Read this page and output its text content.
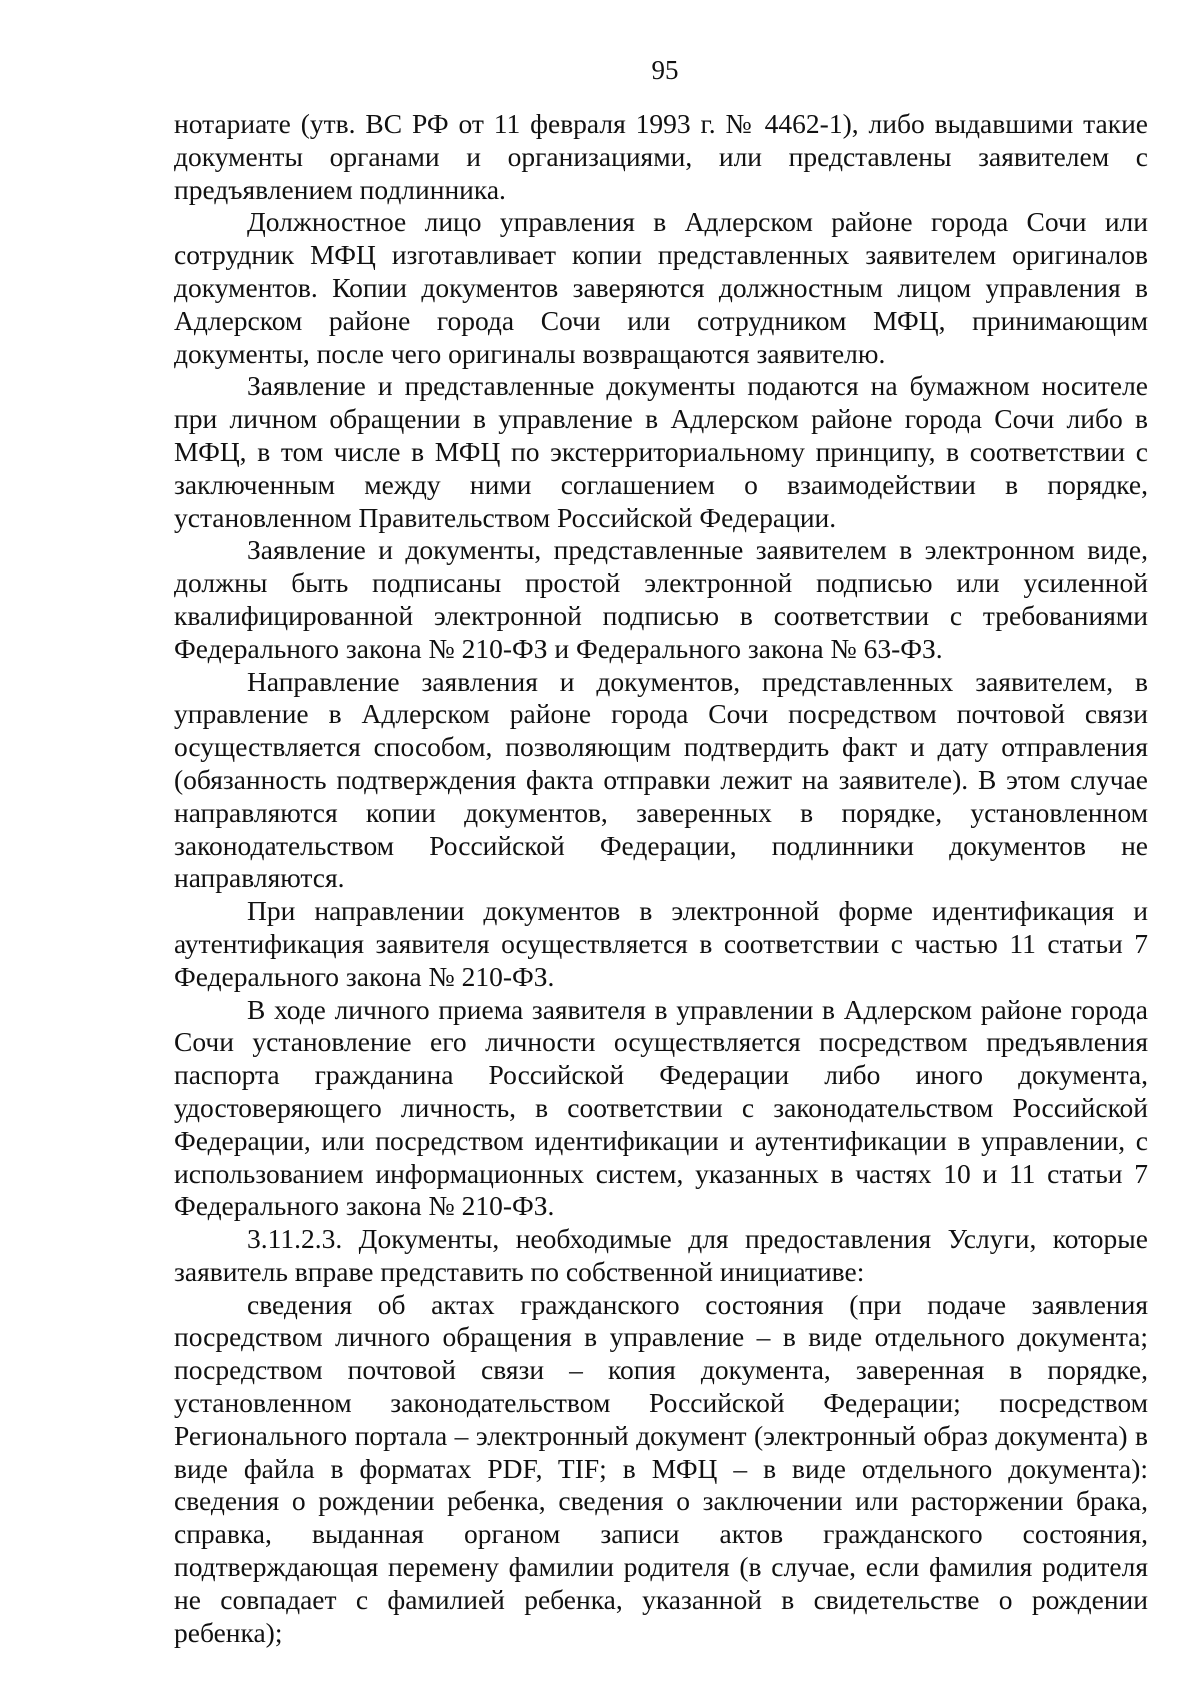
95

нотариате (утв. ВС РФ от 11 февраля 1993 г. № 4462-1), либо выдавшими такие документы органами и организациями, или представлены заявителем с предъявлением подлинника.

Должностное лицо управления в Адлерском районе города Сочи или сотрудник МФЦ изготавливает копии представленных заявителем оригиналов документов. Копии документов заверяются должностным лицом управления в Адлерском районе города Сочи или сотрудником МФЦ, принимающим документы, после чего оригиналы возвращаются заявителю.

Заявление и представленные документы подаются на бумажном носителе при личном обращении в управление в Адлерском районе города Сочи либо в МФЦ, в том числе в МФЦ по экстерриториальному принципу, в соответствии с заключенным между ними соглашением о взаимодействии в порядке, установленном Правительством Российской Федерации.

Заявление и документы, представленные заявителем в электронном виде, должны быть подписаны простой электронной подписью или усиленной квалифицированной электронной подписью в соответствии с требованиями Федерального закона № 210-ФЗ и Федерального закона № 63-ФЗ.

Направление заявления и документов, представленных заявителем, в управление в Адлерском районе города Сочи посредством почтовой связи осуществляется способом, позволяющим подтвердить факт и дату отправления (обязанность подтверждения факта отправки лежит на заявителе). В этом случае направляются копии документов, заверенных в порядке, установленном законодательством Российской Федерации, подлинники документов не направляются.

При направлении документов в электронной форме идентификация и аутентификация заявителя осуществляется в соответствии с частью 11 статьи 7 Федерального закона № 210-ФЗ.

В ходе личного приема заявителя в управлении в Адлерском районе города Сочи установление его личности осуществляется посредством предъявления паспорта гражданина Российской Федерации либо иного документа, удостоверяющего личность, в соответствии с законодательством Российской Федерации, или посредством идентификации и аутентификации в управлении, с использованием информационных систем, указанных в частях 10 и 11 статьи 7 Федерального закона № 210-ФЗ.

3.11.2.3. Документы, необходимые для предоставления Услуги, которые заявитель вправе представить по собственной инициативе:

сведения об актах гражданского состояния (при подаче заявления посредством личного обращения в управление – в виде отдельного документа; посредством почтовой связи – копия документа, заверенная в порядке, установленном законодательством Российской Федерации; посредством Регионального портала – электронный документ (электронный образ документа) в виде файла в форматах PDF, TIF; в МФЦ – в виде отдельного документа): сведения о рождении ребенка, сведения о заключении или расторжении брака, справка, выданная органом записи актов гражданского состояния, подтверждающая перемену фамилии родителя (в случае, если фамилия родителя не совпадает с фамилией ребенка, указанной в свидетельстве о рождении ребенка);
